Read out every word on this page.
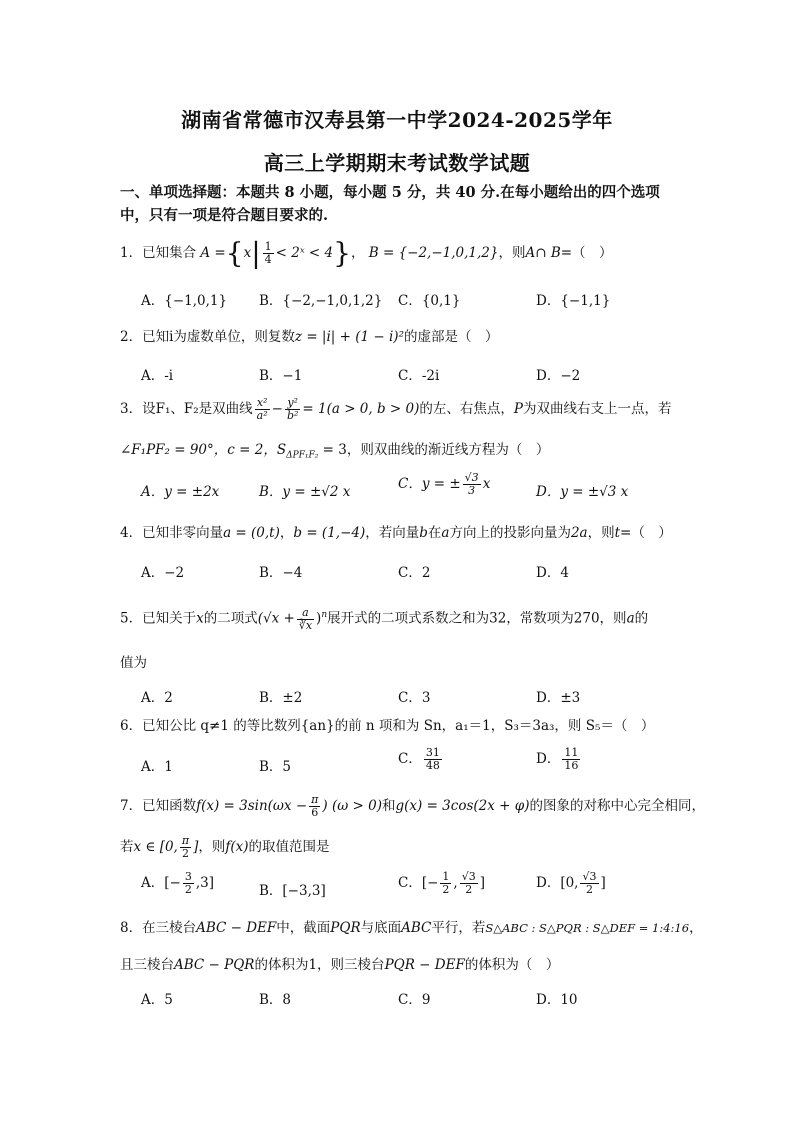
湖南省常德市汉寿县第一中学2024-2025学年
高三上学期期末考试数学试题
一、单项选择题：本题共 8 小题，每小题 5 分，共 40 分.在每小题给出的四个选项中，只有一项是符合题目要求的.
1．已知集合 $A =\{x| \frac{1}{4}$ < 2ˣ < 4}， B = {−2,−1,0,1,2}，则A∩ B=（　）
A．{−1,0,1} B．{−2,−1,0,1,2} C．{0,1}	D．{−1,1}
2．已知i为虚数单位，则复数z = |i| + (1 − i)²的虚部是（　）
A．-i	B．−1	C．-2i	D．−2
3．设F₁、F₂是双曲线 $\frac{\text{x²}}{\text{a²}} - \frac{\text{y²}}{\text{b²}} = 1(a > 0$, b > 0)的左、右焦点，P为双曲线右支上一点，若
∠F₁PF₂ = 90°，c = 2，$S_{\Delta PF_1F_2} = 3$，则双曲线的渐近线方程为（　）
A．y = ±2x	B．y = ±√2 x	C．y = ± $\frac{√3}{3}$ x	D．y = ±√3 x
4．已知非零向量a = (0,t)，b = (1,−4)，若向量b在a方向上的投影向量为2a，则t=（　）
A．−2	B．−4	C．2	D．4
5．已知关于x的二项式$(√x + \frac{a}{∛x} )^n$展开式的二项式系数之和为32，常数项为270，则a的
值为
A．2	B．±2	C．3	D．±3
6．已知公比 q≠1 的等比数列{an}的前 n 项和为 Sn，a₁＝1，S₃＝3a₃，则 S₅＝（　）
A．1	B．5	C． $\frac{31}{48}$	D． $\frac{11}{16}$
7．已知函数$f(x) = 3\sin(\omega x - \frac{\pi}{6}$ ) (ω > 0)和g(x) = 3cos(2x + φ)的图象的对称中心完全相同，
若x ∈ [0, $\frac{\pi}{2}$ ]，则f(x)的取值范围是
A．[− $\frac{3}{2} ,3$]	B．[−3,3]	C．[− $\frac{1}{2}$ , $\frac{√3}{2}$ ]	D．[0, $\frac{√3}{2}$ ]
8．在三棱台ABC − DEF中，截面PQR与底面ABC平行，若S△ABC : S△PQR : S△DEF = 1:4:16，
且三棱台ABC − PQR的体积为1，则三棱台PQR − DEF的体积为（　）
A．5	B．8	C．9	D．10
